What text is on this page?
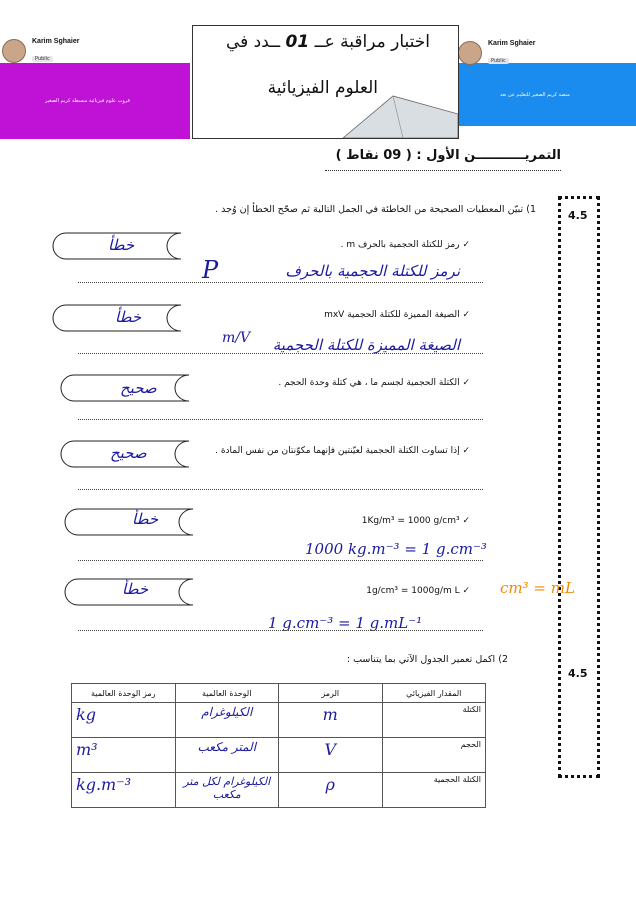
Karim Sghaier
Public
قروب علوم فيزيائية منسطة كريم الصغير
Karim Sghaier
Public
منصة كريم الصغير للتعليم عن بعد
اختبار مراقبة عــ 01 ــدد في
العلوم الفيزيائية
التمريـــــــــــن الأول : ( 09 نقاط )
4.5
4.5
1) تبيّن المعطيات الصحيحة من الخاطئة في الجمل التالية ثم صحّح الخطأ إن وُجد .
خطأ	✓ رمز للكتلة الحجمية بالحرف m .
P	نرمز للكتلة الحجمية بالحرف
خطأ	✓ الصيغة المميزة للكتلة الحجمية mxV
m/V الصيغة المميزة للكتلة الحجمية
صحيح	✓ الكتلة الحجمية لجسم ما ، هي كتلة وحدة الحجم .
صحيح	✓ إذا تساوت الكتلة الحجمية لعيّنتين فإنهما مكوّنتان من نفس المادة .
خطأ	1Kg/m³ = 1000 g/cm³ ✓
1000 kg.m⁻³ = 1 g.cm⁻³
خطأ	1g/cm³ = 1000g/m L ✓ cm³ = mL
1 g.cm⁻³ = 1 g.mL⁻¹
2) اكمل تعمير الجدول الآتي بما يتناسب :
المقدار الفيزيائي	الرمز	الوحدة العالمية	رمز الوحدة العالمية
الكتلة	m	الكيلوغرام	kg

الحجم	V	المتر مكعب	m³

الكتلة الحجمية	ρ	الكيلوغرام لكل متر مكعب	kg.m⁻³
